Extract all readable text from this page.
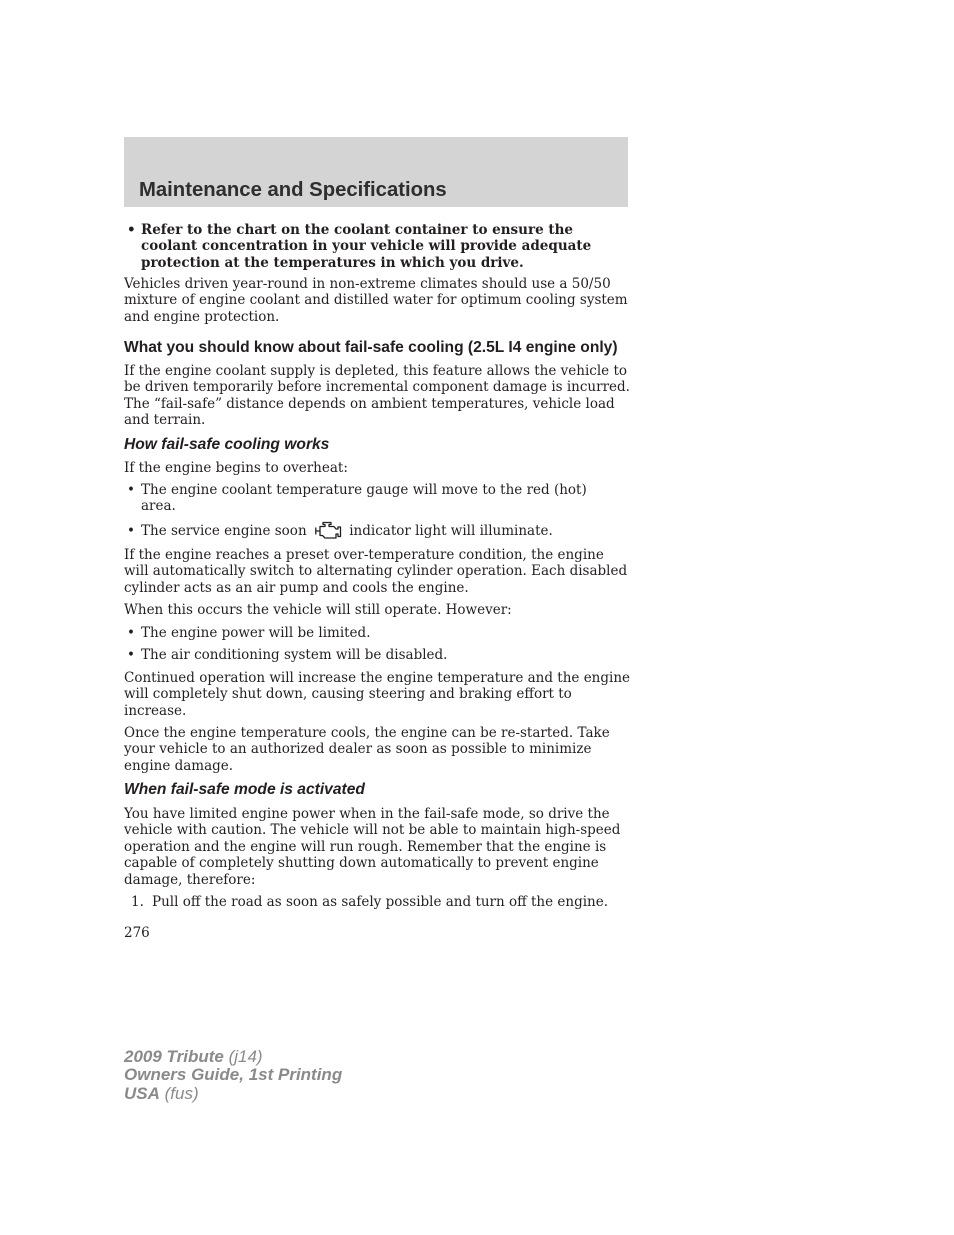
Maintenance and Specifications
• Refer to the chart on the coolant container to ensure the
coolant concentration in your vehicle will provide adequate
protection at the temperatures in which you drive.
Vehicles driven year-round in non-extreme climates should use a 50/50
mixture of engine coolant and distilled water for optimum cooling system
and engine protection.
What you should know about fail-safe cooling (2.5L I4 engine only)
If the engine coolant supply is depleted, this feature allows the vehicle to
be driven temporarily before incremental component damage is incurred.
The “fail-safe” distance depends on ambient temperatures, vehicle load
and terrain.
How fail-safe cooling works
If the engine begins to overheat:
• The engine coolant temperature gauge will move to the red (hot)
area.
• The service engine soon	indicator light will illuminate.
If the engine reaches a preset over-temperature condition, the engine
will automatically switch to alternating cylinder operation. Each disabled
cylinder acts as an air pump and cools the engine.
When this occurs the vehicle will still operate. However:
• The engine power will be limited.
• The air conditioning system will be disabled.
Continued operation will increase the engine temperature and the engine
will completely shut down, causing steering and braking effort to
increase.
Once the engine temperature cools, the engine can be re-started. Take
your vehicle to an authorized dealer as soon as possible to minimize
engine damage.
When fail-safe mode is activated
You have limited engine power when in the fail-safe mode, so drive the
vehicle with caution. The vehicle will not be able to maintain high-speed
operation and the engine will run rough. Remember that the engine is
capable of completely shutting down automatically to prevent engine
damage, therefore:
1. Pull off the road as soon as safely possible and turn off the engine.
276
2009 Tribute (j14)
Owners Guide, 1st Printing
USA (fus)
